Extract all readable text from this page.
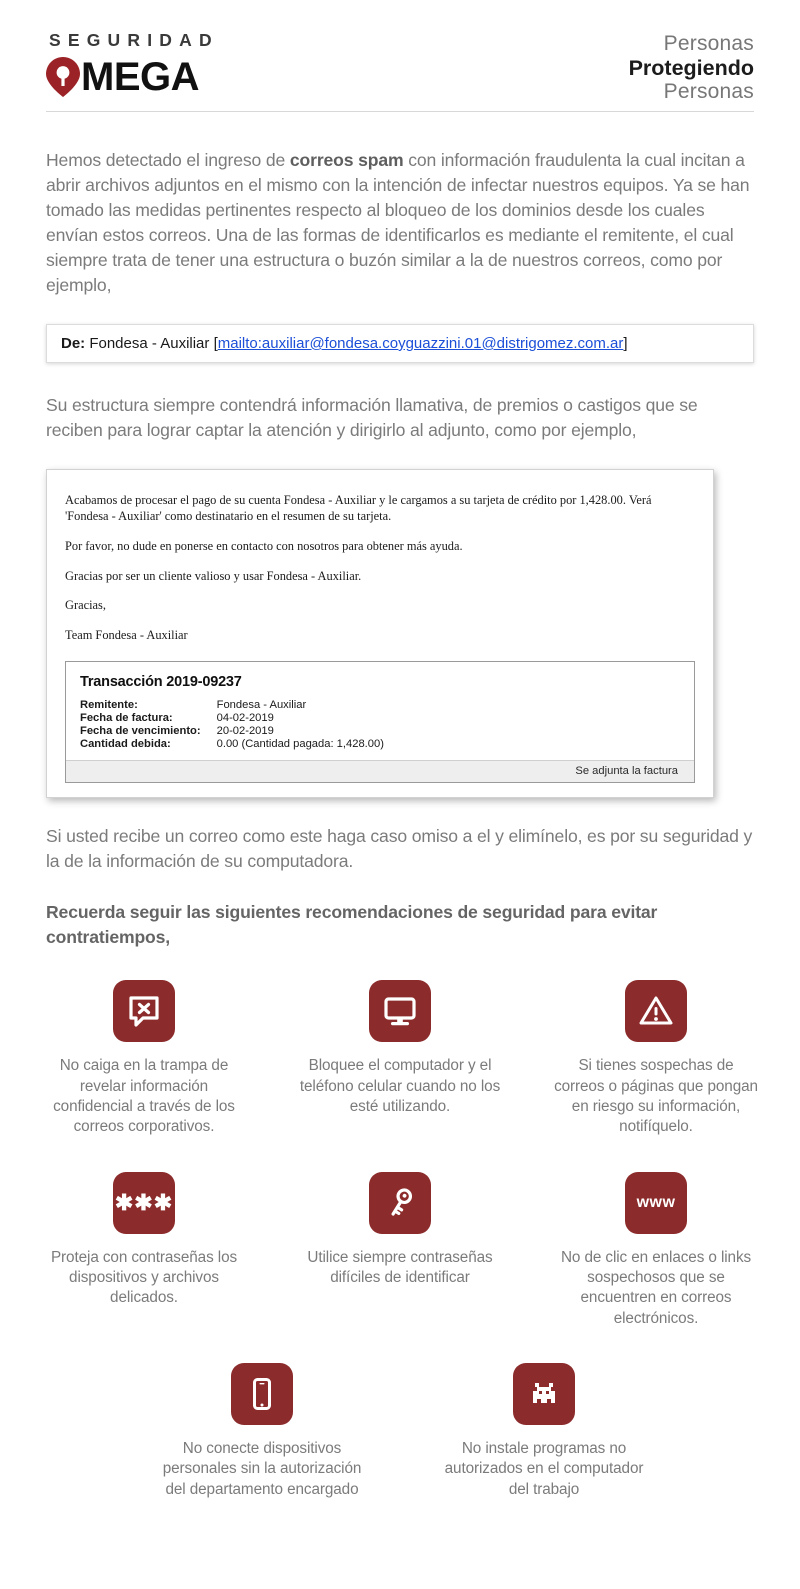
SEGURIDAD
MEGA
Personas
Protegiendo
Personas

Hemos detectado el ingreso de correos spam con información fraudulenta la cual incitan a abrir archivos adjuntos en el mismo con la intención de infectar nuestros equipos. Ya se han tomado las medidas pertinentes respecto al bloqueo de los dominios desde los cuales envían estos correos. Una de las formas de identificarlos es mediante el remitente, el cual siempre trata de tener una estructura o buzón similar a la de nuestros correos, como por ejemplo,

De: Fondesa - Auxiliar [mailto:auxiliar@fondesa.coyguazzini.01@distrigomez.com.ar]

Su estructura siempre contendrá información llamativa, de premios o castigos que se reciben para lograr captar la atención y dirigirlo al adjunto, como por ejemplo,

Acabamos de procesar el pago de su cuenta Fondesa - Auxiliar y le cargamos a su tarjeta de crédito por 1,428.00. Verá 'Fondesa - Auxiliar' como destinatario en el resumen de su tarjeta.

Por favor, no dude en ponerse en contacto con nosotros para obtener más ayuda.

Gracias por ser un cliente valioso y usar Fondesa - Auxiliar.

Gracias,

Team Fondesa - Auxiliar

Transacción 2019-09237
Remitente:	Fondesa - Auxiliar
Fecha de factura:	04-02-2019
Fecha de vencimiento:	20-02-2019
Cantidad debida:	0.00 (Cantidad pagada: 1,428.00)
Se adjunta la factura

Si usted recibe un correo como este haga caso omiso a el y elimínelo, es por su seguridad y la de la información de su computadora.

Recuerda seguir las siguientes recomendaciones de seguridad para evitar contratiempos,

No caiga en la trampa de revelar información confidencial a través de los correos corporativos.
Bloquee el computador y el teléfono celular cuando no los esté utilizando.
Si tienes sospechas de correos o páginas que pongan en riesgo su información, notifíquelo.
✱✱✱
Proteja con contraseñas los dispositivos y archivos delicados.
Utilice siempre contraseñas difíciles de identificar
www
No de clic en enlaces o links sospechosos que se encuentren en correos electrónicos.
No conecte dispositivos personales sin la autorización del departamento encargado
No instale programas no autorizados en el computador del trabajo
